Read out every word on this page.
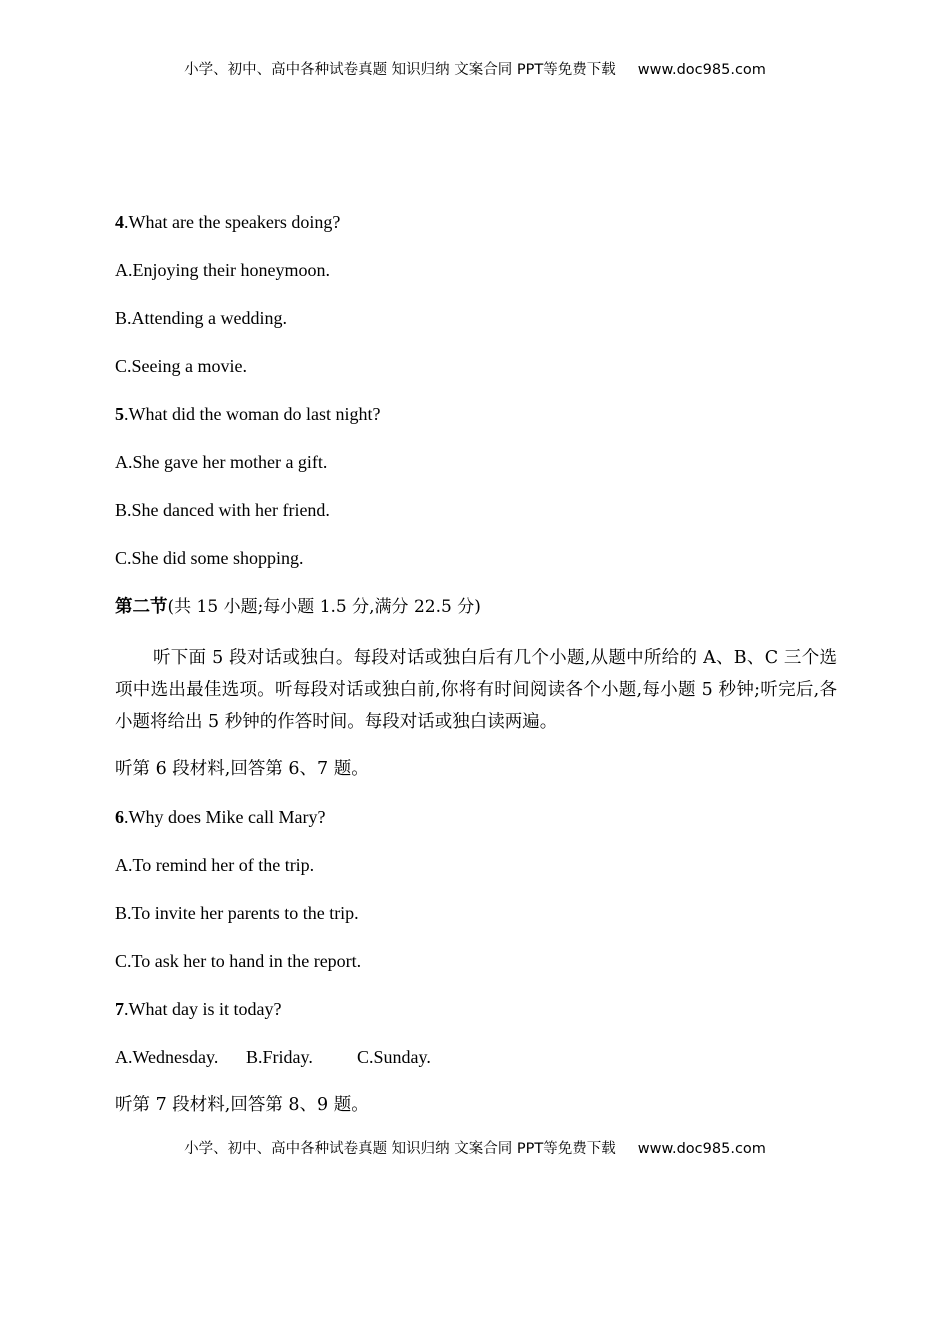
小学、初中、高中各种试卷真题 知识归纳 文案合同 PPT等免费下载 www.doc985.com
4.What are the speakers doing?
A.Enjoying their honeymoon.
B.Attending a wedding.
C.Seeing a movie.
5.What did the woman do last night?
A.She gave her mother a gift.
B.She danced with her friend.
C.She did some shopping.
第二节(共 15 小题;每小题 1.5 分,满分 22.5 分)
听下面 5 段对话或独白。每段对话或独白后有几个小题,从题中所给的 A、B、C 三个选项中选出最佳选项。听每段对话或独白前,你将有时间阅读各个小题,每小题 5 秒钟;听完后,各小题将给出 5 秒钟的作答时间。每段对话或独白读两遍。
听第 6 段材料,回答第 6、7 题。
6.Why does Mike call Mary?
A.To remind her of the trip.
B.To invite her parents to the trip.
C.To ask her to hand in the report.
7.What day is it today?
A.Wednesday. B.Friday. C.Sunday.
听第 7 段材料,回答第 8、9 题。
小学、初中、高中各种试卷真题 知识归纳 文案合同 PPT等免费下载 www.doc985.com
